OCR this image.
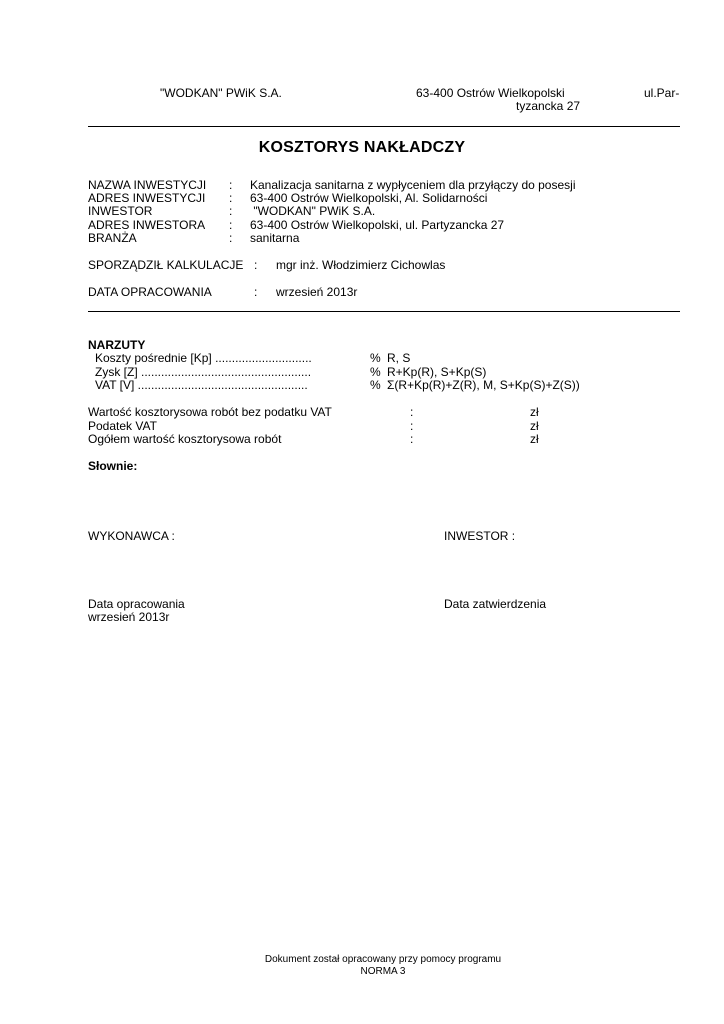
"WODKAN" PWiK S.A.	63-400 Ostrów Wielkopolski	ul.Par-
tyzancka 27
KOSZTORYS NAKŁADCZY
NAZWA INWESTYCJI : Kanalizacja sanitarna z wypłyceniem dla przyłączy do posesji
ADRES INWESTYCJI : 63-400 Ostrów Wielkopolski, Al. Solidarności
INWESTOR	: "WODKAN" PWiK S.A.
ADRES INWESTORA : 63-400 Ostrów Wielkopolski, ul. Partyzancka 27
BRANŻA	: sanitarna
SPORZĄDZIŁ KALKULACJE : mgr inż. Włodzimierz Cichowlas
DATA OPRACOWANIA	: wrzesień 2013r
NARZUTY
Koszty pośrednie [Kp] .............................	% R, S
Zysk [Z] ...................................................	% R+Kp(R), S+Kp(S)
VAT [V] ...................................................	% Σ(R+Kp(R)+Z(R), M, S+Kp(S)+Z(S))
Wartość kosztorysowa robót bez podatku VAT	:	zł
Podatek VAT	:	zł
Ogółem wartość kosztorysowa robót	:	zł
Słownie:
WYKONAWCA :	INWESTOR :
Data opracowania
wrzesień 2013r
Data zatwierdzenia
Dokument został opracowany przy pomocy programu
NORMA 3
